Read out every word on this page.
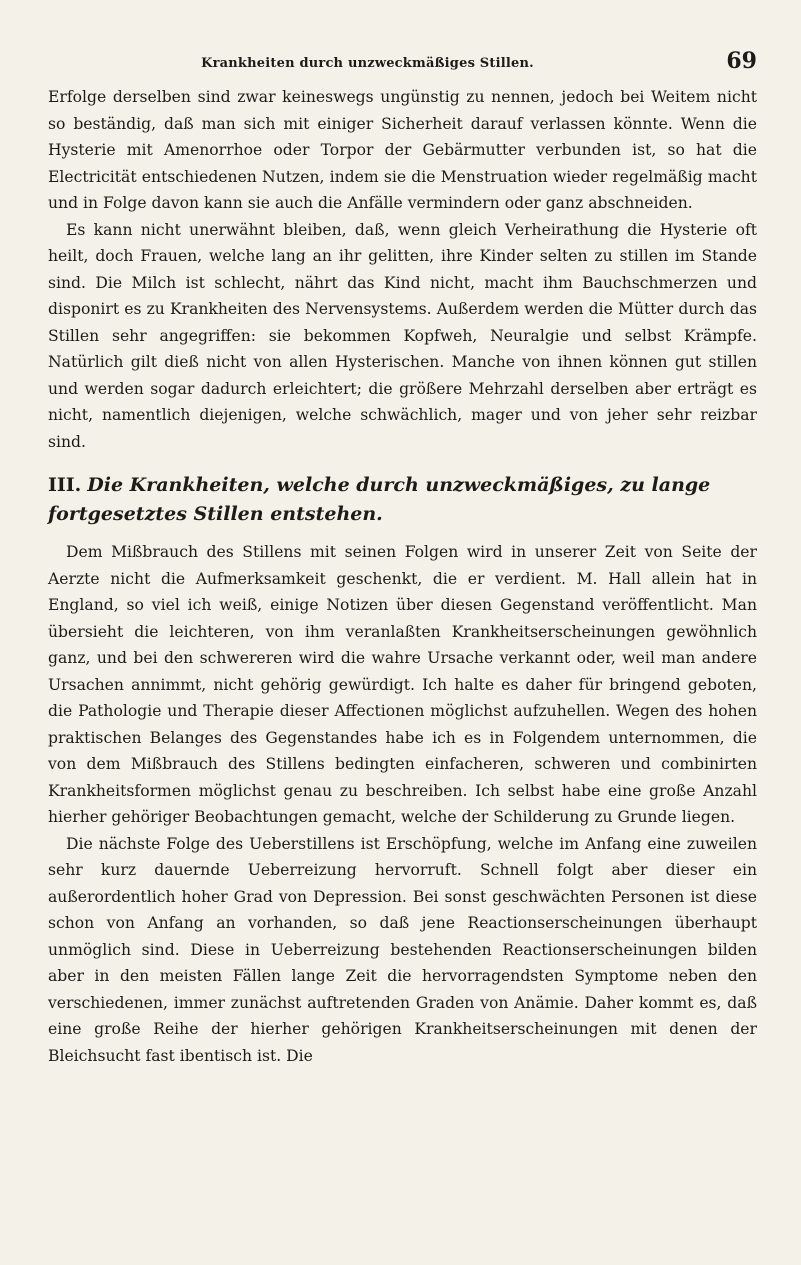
Krankheiten durch unzweckmäßiges Stillen.	69

Erfolge derselben sind zwar keineswegs ungünstig zu nennen, jedoch bei Weitem nicht so beständig, daß man sich mit einiger Sicherheit darauf verlassen könnte. Wenn die Hysterie mit Amenorrhoe oder Torpor der Gebärmutter verbunden ist, so hat die Electricität entschiedenen Nutzen, indem sie die Menstruation wieder regelmäßig macht und in Folge davon kann sie auch die Anfälle vermindern oder ganz abschneiden.

Es kann nicht unerwähnt bleiben, daß, wenn gleich Verheirathung die Hysterie oft heilt, doch Frauen, welche lang an ihr gelitten, ihre Kinder selten zu stillen im Stande sind. Die Milch ist schlecht, nährt das Kind nicht, macht ihm Bauchschmerzen und disponirt es zu Krankheiten des Nervensystems. Außerdem werden die Mütter durch das Stillen sehr angegriffen: sie bekommen Kopfweh, Neuralgie und selbst Krämpfe. Natürlich gilt dieß nicht von allen Hysterischen. Manche von ihnen können gut stillen und werden sogar dadurch erleichtert; die größere Mehrzahl derselben aber erträgt es nicht, namentlich diejenigen, welche schwächlich, mager und von jeher sehr reizbar sind.

III. Die Krankheiten, welche durch unzweckmäßiges, zu lange fortgesetztes Stillen entstehen.

Dem Mißbrauch des Stillens mit seinen Folgen wird in unserer Zeit von Seite der Aerzte nicht die Aufmerksamkeit geschenkt, die er verdient. M. Hall allein hat in England, so viel ich weiß, einige Notizen über diesen Gegenstand veröffentlicht. Man übersieht die leichteren, von ihm veranlaßten Krankheitserscheinungen gewöhnlich ganz, und bei den schwereren wird die wahre Ursache verkannt oder, weil man andere Ursachen annimmt, nicht gehörig gewürdigt. Ich halte es daher für bringend geboten, die Pathologie und Therapie dieser Affectionen möglichst aufzuhellen. Wegen des hohen praktischen Belanges des Gegenstandes habe ich es in Folgendem unternommen, die von dem Mißbrauch des Stillens bedingten einfacheren, schweren und combinirten Krankheitsformen möglichst genau zu beschreiben. Ich selbst habe eine große Anzahl hierher gehöriger Beobachtungen gemacht, welche der Schilderung zu Grunde liegen.

Die nächste Folge des Ueberstillens ist Erschöpfung, welche im Anfang eine zuweilen sehr kurz dauernde Ueberreizung hervorruft. Schnell folgt aber dieser ein außerordentlich hoher Grad von Depression. Bei sonst geschwächten Personen ist diese schon von Anfang an vorhanden, so daß jene Reactionserscheinungen überhaupt unmöglich sind. Diese in Ueberreizung bestehenden Reactionserscheinungen bilden aber in den meisten Fällen lange Zeit die hervorragendsten Symptome neben den verschiedenen, immer zunächst auftretenden Graden von Anämie. Daher kommt es, daß eine große Reihe der hierher gehörigen Krankheitserscheinungen mit denen der Bleichsucht fast ibentisch ist. Die
